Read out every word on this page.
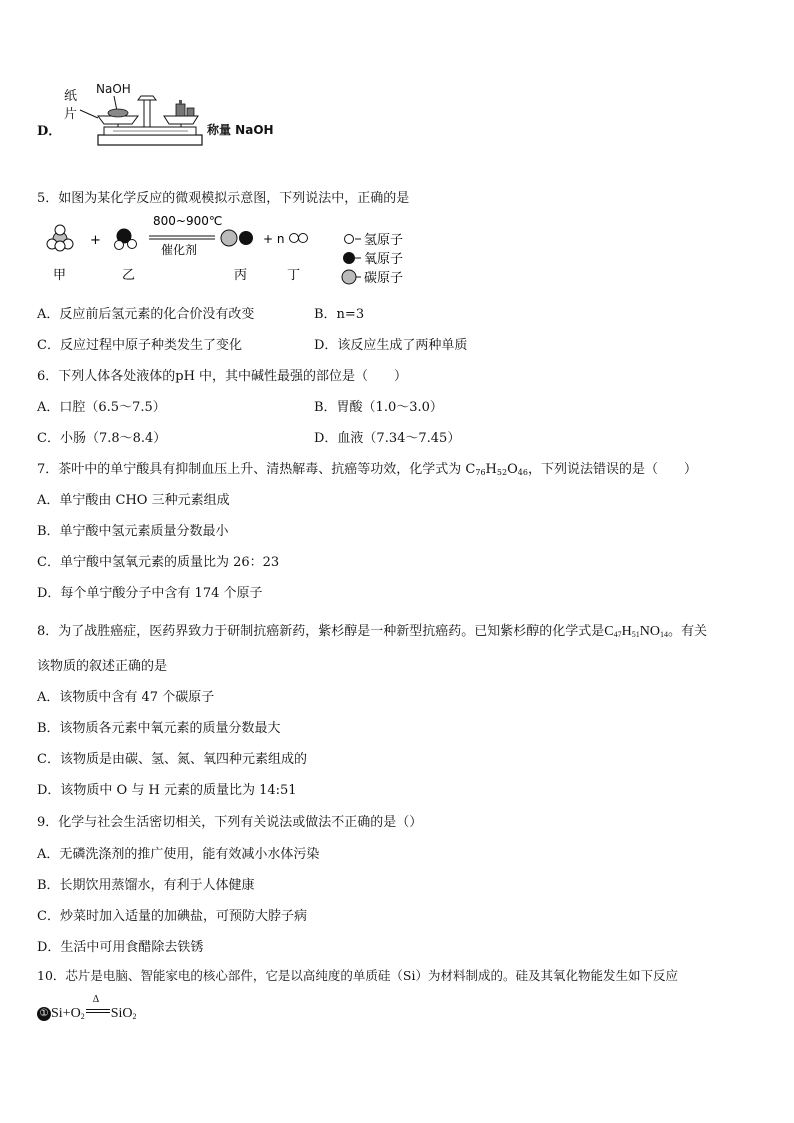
D．
纸
片
NaOH
称量 NaOH
5．如图为某化学反应的微观模拟示意图，下列说法中，正确的是
+
800~900℃
催化剂
+ n
甲	乙	丙	丁
氢原子
氧原子
碳原子
A．反应前后氢元素的化合价没有改变	B．n=3
C．反应过程中原子种类发生了变化	D．该反应生成了两种单质
6．下列人体各处液体的pH 中，其中碱性最强的部位是（　　）
A．口腔（6.5～7.5）	B．胃酸（1.0～3.0）
C．小肠（7.8～8.4）	D．血液（7.34～7.45）
7．茶叶中的单宁酸具有抑制血压上升、清热解毒、抗癌等功效，化学式为 $C_{76}H_{52}O_{46}$，下列说法错误的是（　　）
A．单宁酸由 CHO 三种元素组成
B．单宁酸中氢元素质量分数最小
C．单宁酸中氢氧元素的质量比为 26：23
D．每个单宁酸分子中含有 174 个原子
8．为了战胜癌症，医药界致力于研制抗癌新药，紫杉醇是一种新型抗癌药。已知紫杉醇的化学式是$C_{47}H_{51}NO_{14}$。有关
该物质的叙述正确的是
A．该物质中含有 47 个碳原子
B．该物质各元素中氧元素的质量分数最大
C．该物质是由碳、氢、氮、氧四种元素组成的
D．该物质中 O 与 H 元素的质量比为 14:51
9．化学与社会生活密切相关，下列有关说法或做法不正确的是（）
A．无磷洗涤剂的推广使用，能有效减小水体污染
B．长期饮用蒸馏水，有利于人体健康
C．炒菜时加入适量的加碘盐，可预防大脖子病
D．生活中可用食醋除去铁锈
10．芯片是电脑、智能家电的核心部件，它是以高纯度的单质硅（Si）为材料制成的。硅及其氧化物能发生如下反应
① $Si+O_2$
Δ
SiO$_2$
